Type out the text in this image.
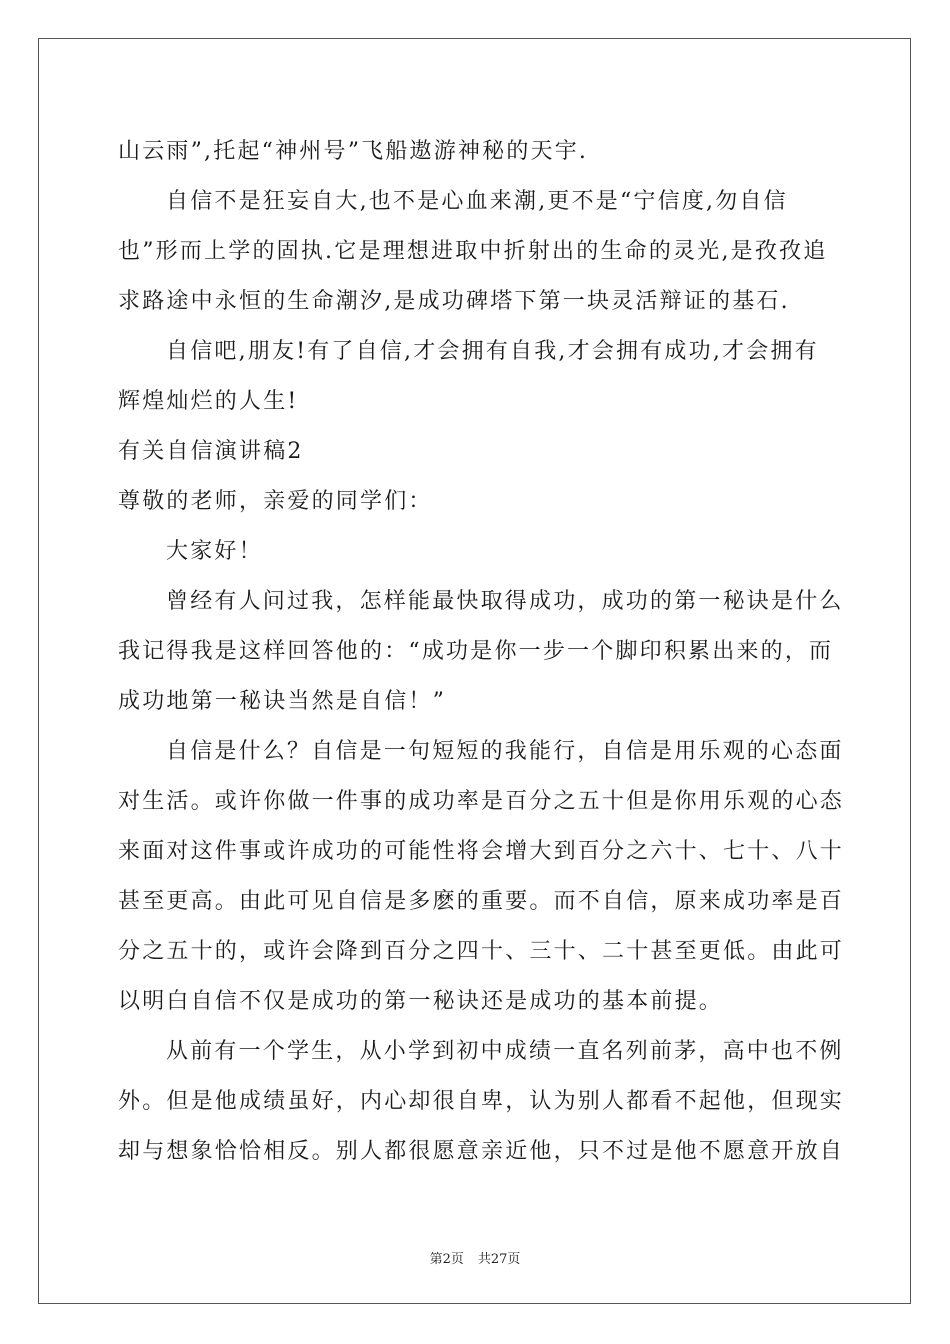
山云雨”,托起“神州号”飞船遨游神秘的天宇.
自信不是狂妄自大,也不是心血来潮,更不是“宁信度,勿自信
也”形而上学的固执.它是理想进取中折射出的生命的灵光,是孜孜追
求路途中永恒的生命潮汐,是成功碑塔下第一块灵活辩证的基石.
自信吧,朋友!有了自信,才会拥有自我,才会拥有成功,才会拥有
辉煌灿烂的人生!
有关自信演讲稿2
尊敬的老师，亲爱的同学们：
大家好！
曾经有人问过我，怎样能最快取得成功，成功的第一秘诀是什么
我记得我是这样回答他的：“成功是你一步一个脚印积累出来的，而
成功地第一秘诀当然是自信！”
自信是什么？自信是一句短短的我能行，自信是用乐观的心态面
对生活。或许你做一件事的成功率是百分之五十但是你用乐观的心态
来面对这件事或许成功的可能性将会增大到百分之六十、七十、八十
甚至更高。由此可见自信是多麽的重要。而不自信，原来成功率是百
分之五十的，或许会降到百分之四十、三十、二十甚至更低。由此可
以明白自信不仅是成功的第一秘诀还是成功的基本前提。
从前有一个学生，从小学到初中成绩一直名列前茅，高中也不例
外。但是他成绩虽好，内心却很自卑，认为别人都看不起他，但现实
却与想象恰恰相反。别人都很愿意亲近他，只不过是他不愿意开放自
第2页 共27页
